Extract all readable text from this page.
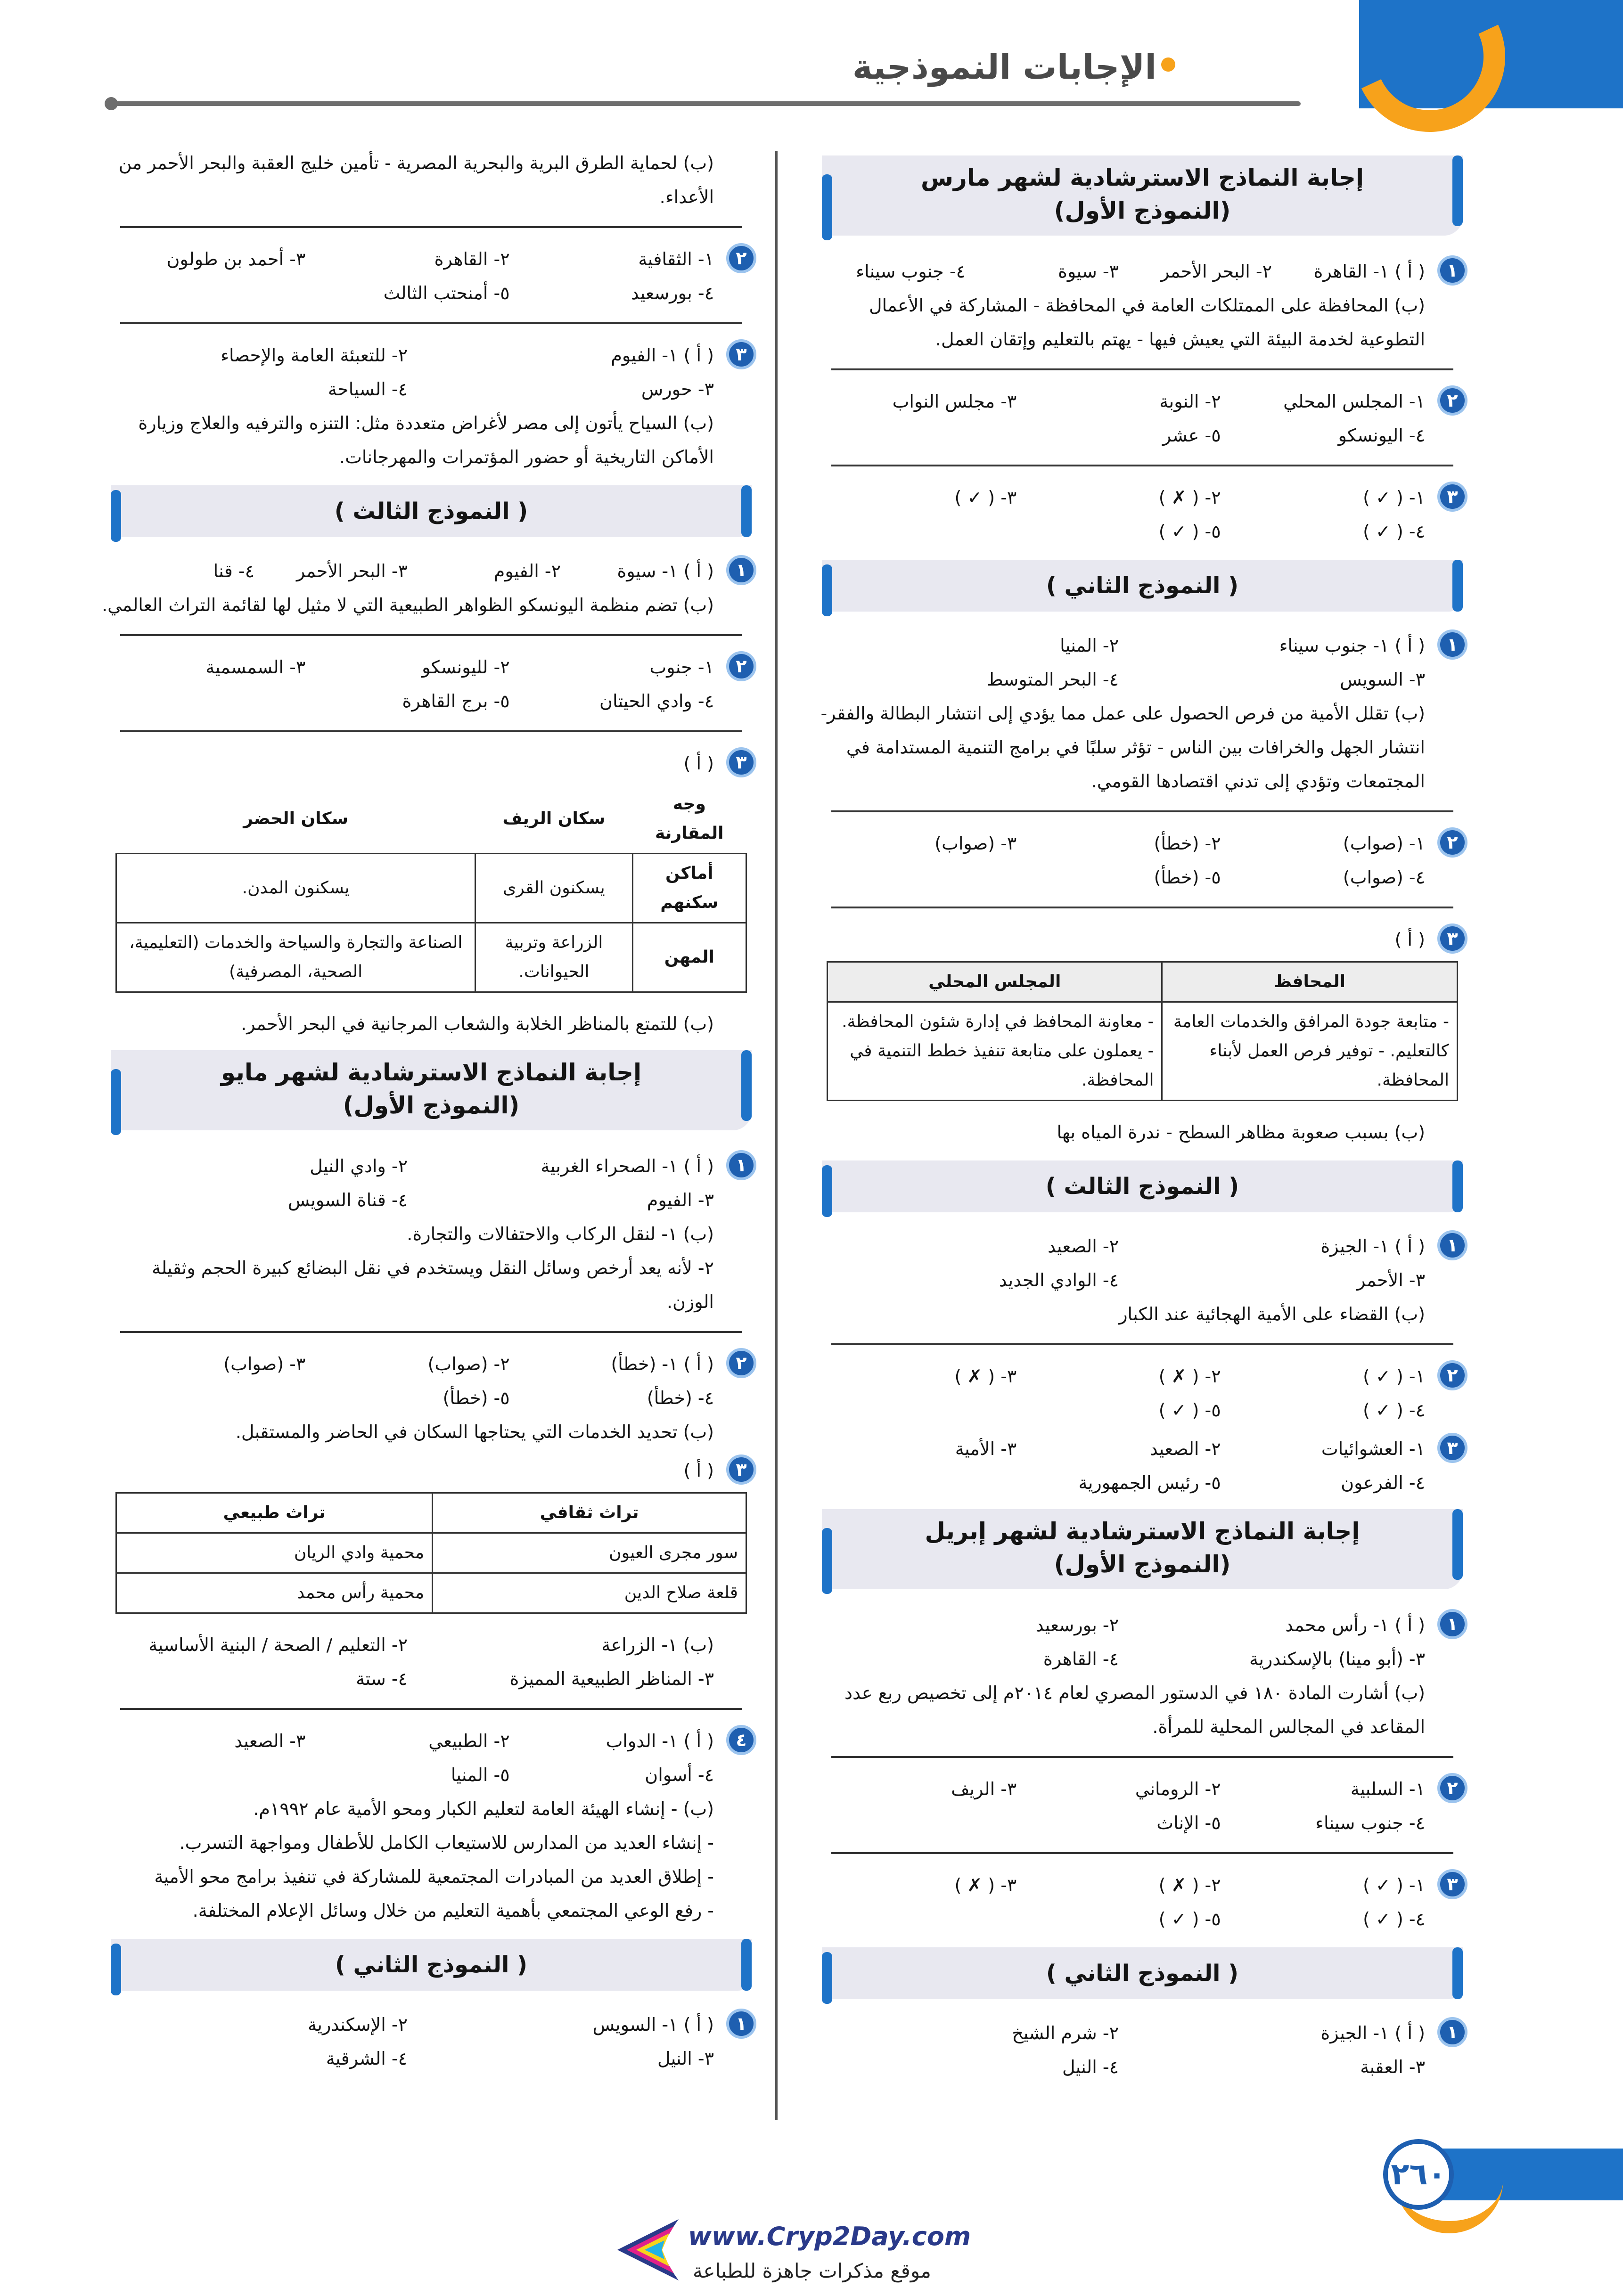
الإجابات النموذجية
إجابة النماذج الاسترشادية لشهر مارس
(النموذج الأول)
١
( أ ) ١- القاهرة
٢- البحر الأحمر
٣- سيوة
٤- جنوب سيناء
(ب) المحافظة على الممتلكات العامة في المحافظة - المشاركة في الأعمال التطوعية لخدمة البيئة التي يعيش فيها - يهتم بالتعليم وإتقان العمل.
٢
١- المجلس المحلي
٢- النوبة
٣- مجلس النواب
٤- اليونسكو
٥- عشر
٣
١- ( ✓ )
٢- ( ✗ )
٣- ( ✓ )
٤- ( ✓ )
٥- ( ✓ )
( النموذج الثاني )
١
( أ ) ١- جنوب سيناء
٢- المنيا
٣- السويس
٤- البحر المتوسط
(ب) تقلل الأمية من فرص الحصول على عمل مما يؤدي إلى انتشار البطالة والفقر- انتشار الجهل والخرافات بين الناس - تؤثر سلبًا في برامج التنمية المستدامة في المجتمعات وتؤدي إلى تدني اقتصادها القومي.
٢
١- (صواب)
٢- (خطأ)
٣- (صواب)
٤- (صواب)
٥- (خطأ)
٣
( أ )
المحافظ	المجلس المحلي
- متابعة جودة المرافق والخدمات العامة كالتعليم. - توفير فرص العمل لأبناء المحافظة.	- معاونة المحافظ في إدارة شئون المحافظة. - يعملون على متابعة تنفيذ خطط التنمية في المحافظة.
(ب) بسبب صعوبة مظاهر السطح - ندرة المياه بها
( النموذج الثالث )
١
( أ ) ١- الجيزة
٢- الصعيد
٣- الأحمر
٤- الوادي الجديد
(ب) القضاء على الأمية الهجائية عند الكبار
٢
١- ( ✓ )
٢- ( ✗ )
٣- ( ✗ )
٤- ( ✓ )
٥- ( ✓ )
٣
١- العشوائيات
٢- الصعيد
٣- الأمية
٤- الفرعون
٥- رئيس الجمهورية
إجابة النماذج الاسترشادية لشهر إبريل
(النموذج الأول)
١
( أ ) ١- رأس محمد
٢- بورسعيد
٣- (أبو مينا) بالإسكندرية
٤- القاهرة
(ب) أشارت المادة ١٨٠ في الدستور المصري لعام ٢٠١٤م إلى تخصيص ربع عدد المقاعد في المجالس المحلية للمرأة.
٢
١- السلبية
٢- الروماني
٣- الريف
٤- جنوب سيناء
٥- الإناث
٣
١- ( ✓ )
٢- ( ✗ )
٣- ( ✗ )
٤- ( ✓ )
٥- ( ✓ )
( النموذج الثاني )
١
( أ ) ١- الجيزة
٢- شرم الشيخ
٣- العقبة
٤- النيل
(ب) لحماية الطرق البرية والبحرية المصرية - تأمين خليج العقبة والبحر الأحمر من الأعداء.
٢
١- الثقافية
٢- القاهرة
٣- أحمد بن طولون
٤- بورسعيد
٥- أمنحتب الثالث
٣
( أ ) ١- الفيوم
٢- للتعبئة العامة والإحصاء
٣- حورس
٤- السياحة
(ب) السياح يأتون إلى مصر لأغراض متعددة مثل: التنزه والترفيه والعلاج وزيارة الأماكن التاريخية أو حضور المؤتمرات والمهرجانات.
( النموذج الثالث )
١
( أ ) ١- سيوة
٢- الفيوم
٣- البحر الأحمر
٤- قنا
(ب) تضم منظمة اليونسكو الظواهر الطبيعية التي لا مثيل لها لقائمة التراث العالمي.
٢
١- جنوب
٢- لليونسكو
٣- السمسمية
٤- وادي الحيتان
٥- برج القاهرة
٣
( أ )
وجه المقارنة	سكان الريف	سكان الحضر
أماكن سكنهم	يسكنون القرى	يسكنون المدن.
المهن	الزراعة وتربية الحيوانات.	الصناعة والتجارة والسياحة والخدمات (التعليمية، الصحية، المصرفية)
(ب) للتمتع بالمناظر الخلابة والشعاب المرجانية في البحر الأحمر.
إجابة النماذج الاسترشادية لشهر مايو
(النموذج الأول)
١
( أ ) ١- الصحراء الغربية
٢- وادي النيل
٣- الفيوم
٤- قناة السويس
(ب) ١- لنقل الركاب والاحتفالات والتجارة.
٢- لأنه يعد أرخص وسائل النقل ويستخدم في نقل البضائع كبيرة الحجم وثقيلة الوزن.
٢
( أ ) ١- (خطأ)
٢- (صواب)
٣- (صواب)
٤- (خطأ)
٥- (خطأ)
(ب) تحديد الخدمات التي يحتاجها السكان في الحاضر والمستقبل.
٣
( أ )
تراث ثقافي	تراث طبيعي
سور مجرى العيون	محمية وادي الريان
قلعة صلاح الدين	محمية رأس محمد
(ب) ١- الزراعة
٢- التعليم / الصحة / البنية الأساسية
٣- المناظر الطبيعية المميزة
٤- ستة
٤
( أ ) ١- الدواب
٢- الطبيعي
٣- الصعيد
٤- أسوان
٥- المنيا
(ب) - إنشاء الهيئة العامة لتعليم الكبار ومحو الأمية عام ١٩٩٢م.
- إنشاء العديد من المدارس للاستيعاب الكامل للأطفال ومواجهة التسرب.
- إطلاق العديد من المبادرات المجتمعية للمشاركة في تنفيذ برامج محو الأمية
- رفع الوعي المجتمعي بأهمية التعليم من خلال وسائل الإعلام المختلفة.
( النموذج الثاني )
١
( أ ) ١- السويس
٢- الإسكندرية
٣- النيل
٤- الشرقية
٢٦٠
www.Cryp2Day.com
موقع مذكرات جاهزة للطباعة
